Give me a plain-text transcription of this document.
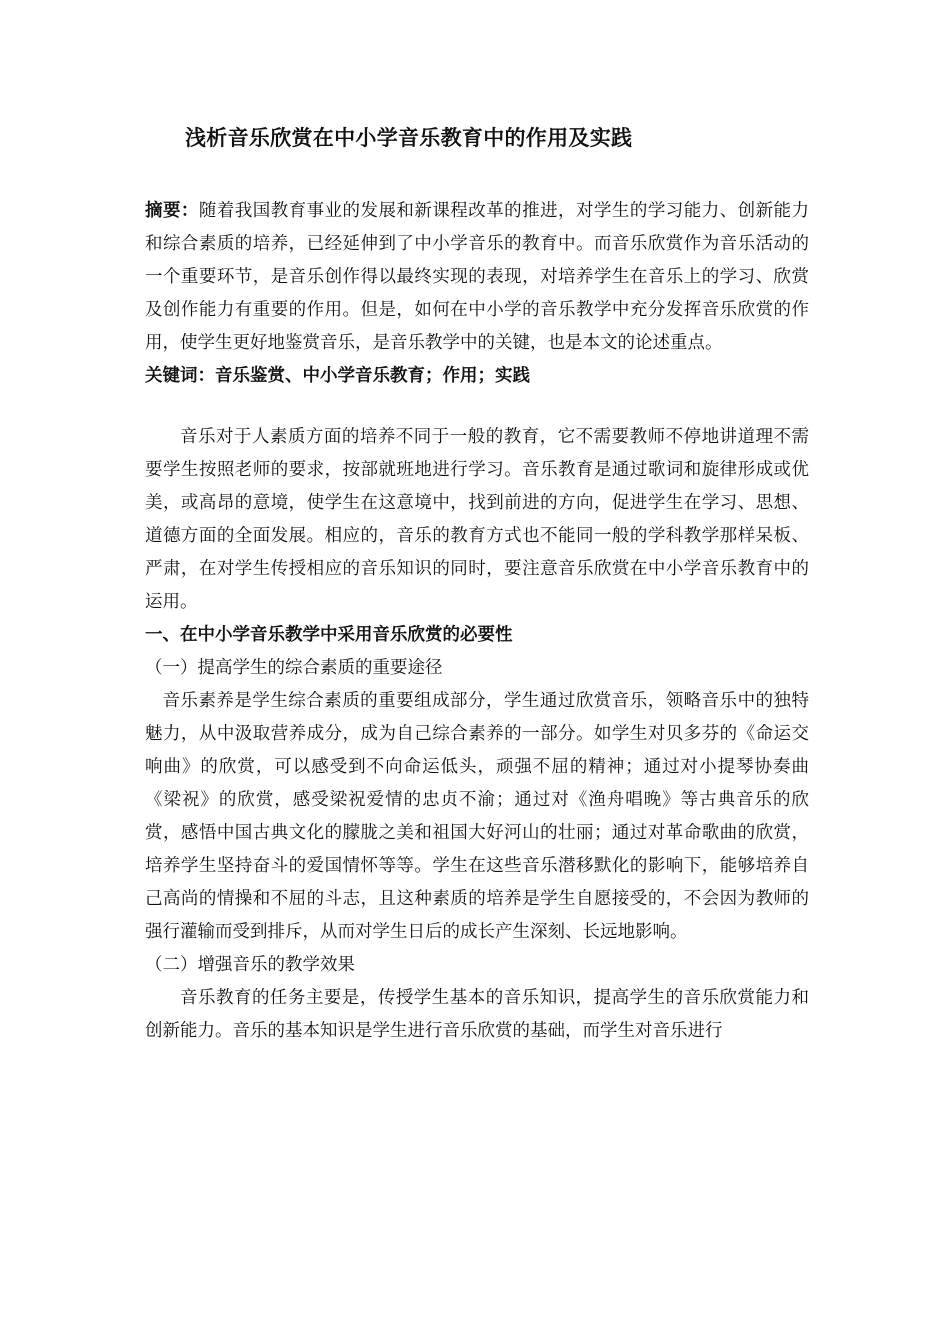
浅析音乐欣赏在中小学音乐教育中的作用及实践

摘要：随着我国教育事业的发展和新课程改革的推进，对学生的学习能力、创新能力和综合素质的培养，已经延伸到了中小学音乐的教育中。而音乐欣赏作为音乐活动的一个重要环节，是音乐创作得以最终实现的表现，对培养学生在音乐上的学习、欣赏及创作能力有重要的作用。但是，如何在中小学的音乐教学中充分发挥音乐欣赏的作用，使学生更好地鉴赏音乐，是音乐教学中的关键，也是本文的论述重点。

关键词：音乐鉴赏、中小学音乐教育；作用；实践

音乐对于人素质方面的培养不同于一般的教育，它不需要教师不停地讲道理不需要学生按照老师的要求，按部就班地进行学习。音乐教育是通过歌词和旋律形成或优美，或高昂的意境，使学生在这意境中，找到前进的方向，促进学生在学习、思想、道德方面的全面发展。相应的，音乐的教育方式也不能同一般的学科教学那样呆板、严肃，在对学生传授相应的音乐知识的同时，要注意音乐欣赏在中小学音乐教育中的运用。

一、在中小学音乐教学中采用音乐欣赏的必要性

（一）提高学生的综合素质的重要途径

音乐素养是学生综合素质的重要组成部分，学生通过欣赏音乐，领略音乐中的独特魅力，从中汲取营养成分，成为自己综合素养的一部分。如学生对贝多芬的《命运交响曲》的欣赏，可以感受到不向命运低头，顽强不屈的精神；通过对小提琴协奏曲《梁祝》的欣赏，感受梁祝爱情的忠贞不渝；通过对《渔舟唱晚》等古典音乐的欣赏，感悟中国古典文化的朦胧之美和祖国大好河山的壮丽；通过对革命歌曲的欣赏，培养学生坚持奋斗的爱国情怀等等。学生在这些音乐潜移默化的影响下，能够培养自己高尚的情操和不屈的斗志，且这种素质的培养是学生自愿接受的，不会因为教师的强行灌输而受到排斥，从而对学生日后的成长产生深刻、长远地影响。

（二）增强音乐的教学效果

音乐教育的任务主要是，传授学生基本的音乐知识，提高学生的音乐欣赏能力和创新能力。音乐的基本知识是学生进行音乐欣赏的基础，而学生对音乐进行
